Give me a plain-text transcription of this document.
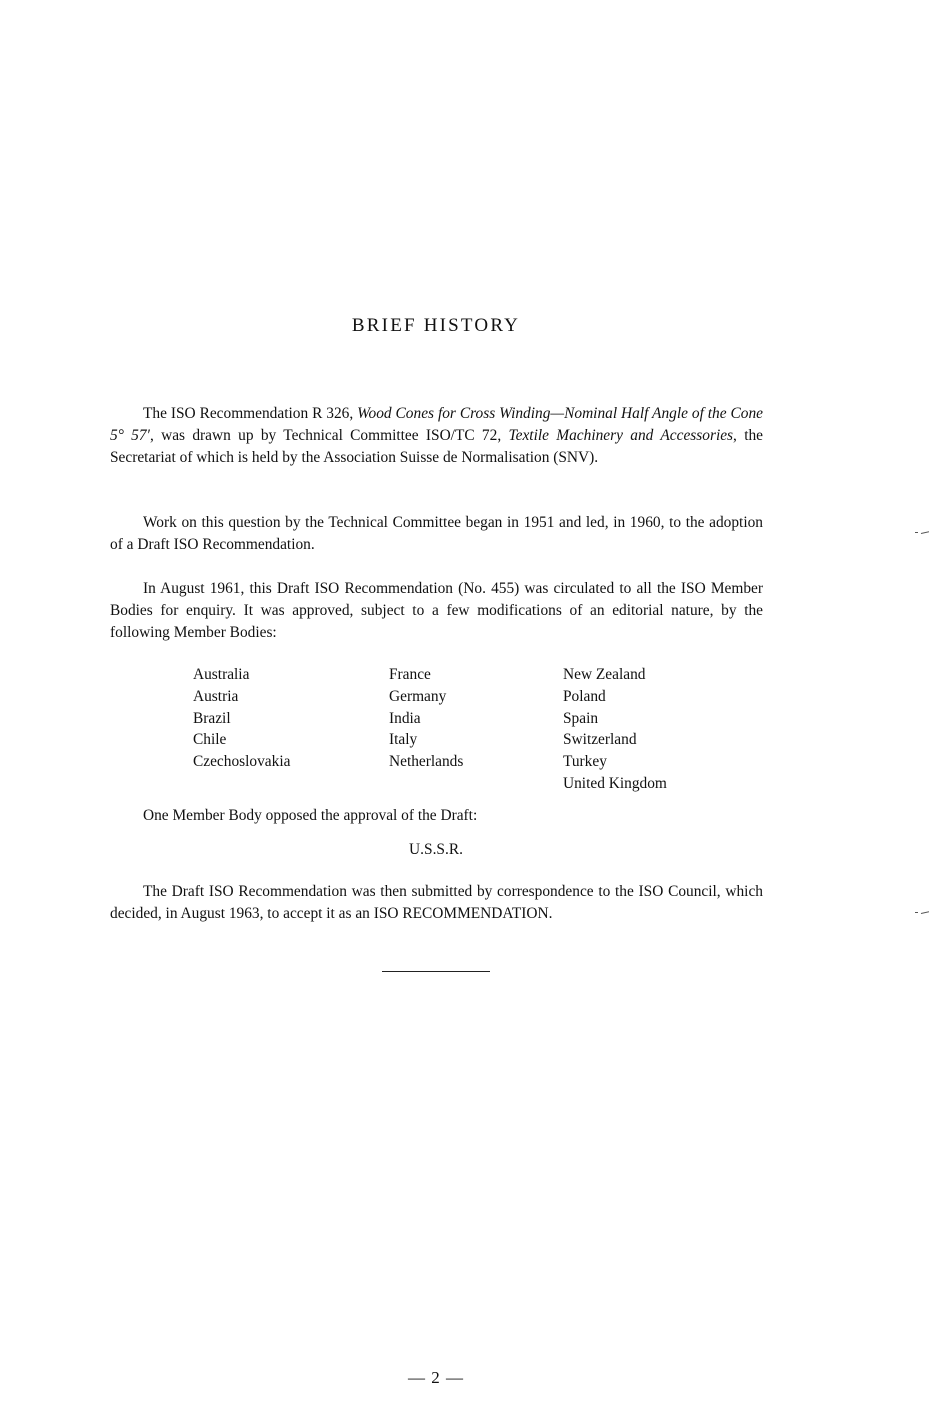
BRIEF HISTORY

The ISO Recommendation R 326, Wood Cones for Cross Winding—Nominal Half Angle of the Cone 5° 57′, was drawn up by Technical Committee ISO/TC 72, Textile Machinery and Accessories, the Secretariat of which is held by the Association Suisse de Normalisation (SNV).

Work on this question by the Technical Committee began in 1951 and led, in 1960, to the adoption of a Draft ISO Recommendation.

In August 1961, this Draft ISO Recommendation (No. 455) was circulated to all the ISO Member Bodies for enquiry. It was approved, subject to a few modifications of an editorial nature, by the following Member Bodies:

Australia
Austria
Brazil
Chile
Czechoslovakia
France
Germany
India
Italy
Netherlands
New Zealand
Poland
Spain
Switzerland
Turkey
United Kingdom

One Member Body opposed the approval of the Draft:

U.S.S.R.

The Draft ISO Recommendation was then submitted by correspondence to the ISO Council, which decided, in August 1963, to accept it as an ISO RECOMMENDATION.

— 2 —
